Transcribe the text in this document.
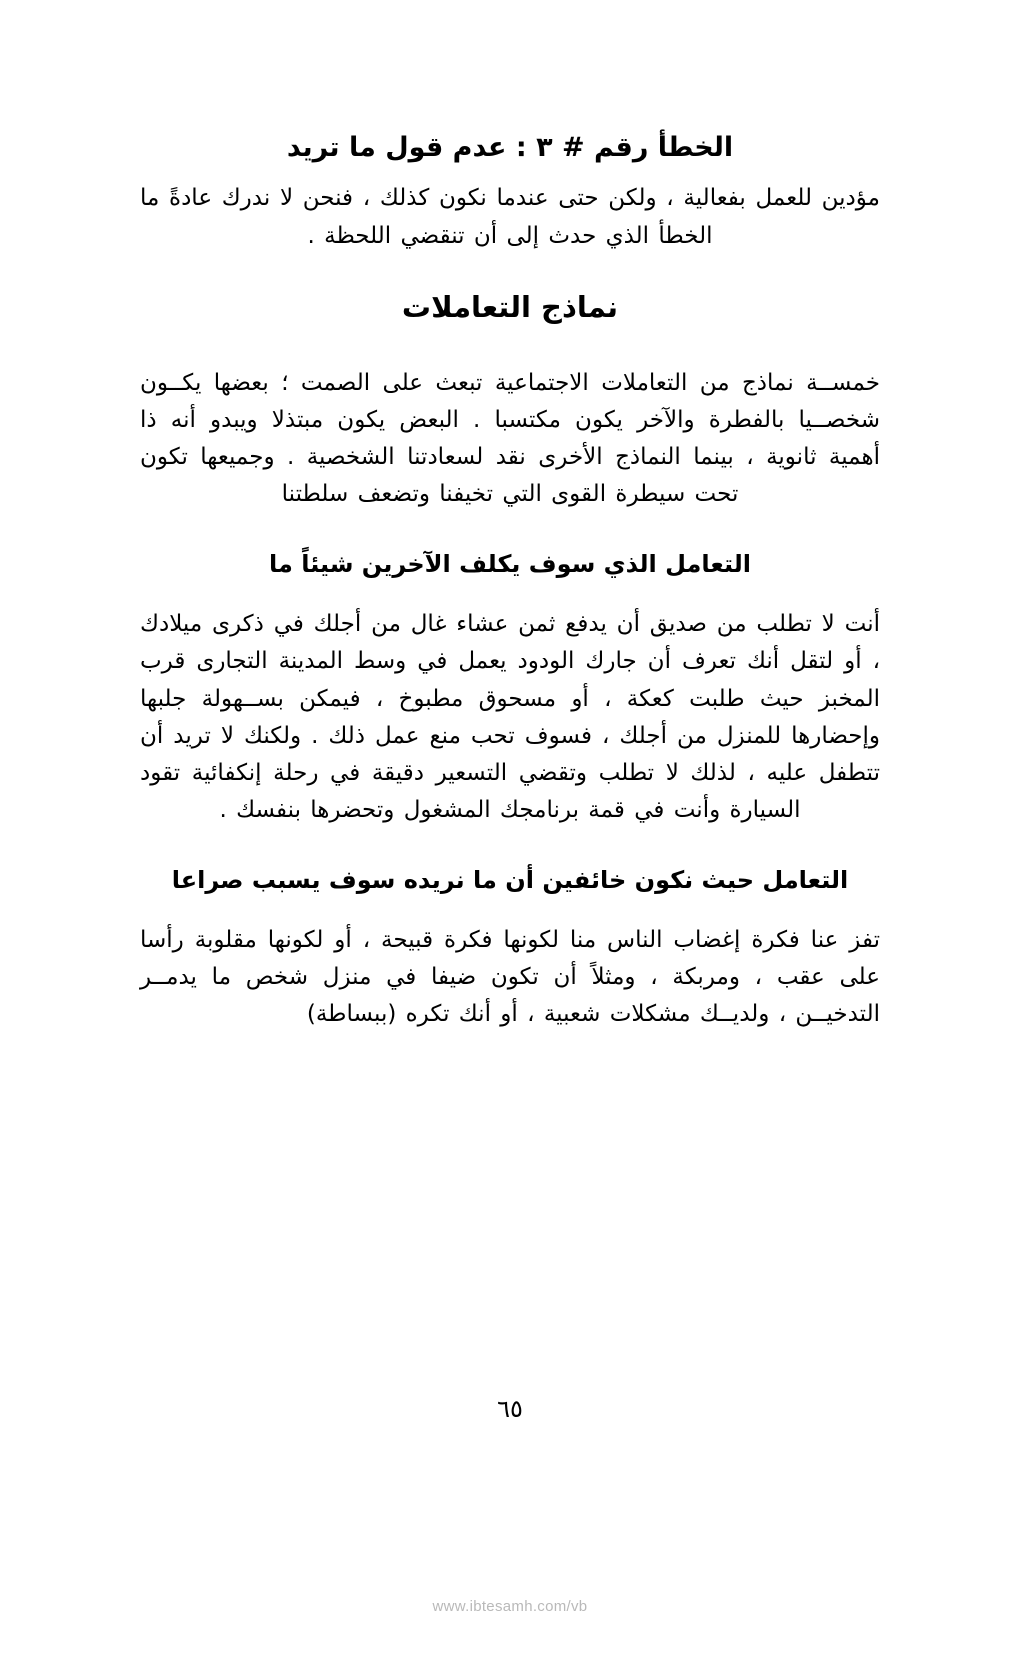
الخطأ رقم # ٣ : عدم قول ما تريد

مؤدين للعمل بفعالية ، ولكن حتى عندما نكون كذلك ، فنحن لا ندرك عادةً ما الخطأ الذي حدث إلى أن تنقضي اللحظة .

نماذج التعاملات

خمســة نماذج من التعاملات الاجتماعية تبعث على الصمت ؛ بعضها يكــون شخصــيا بالفطرة والآخر يكون مكتسبا . البعض يكون مبتذلا ويبدو أنه ذا أهمية ثانوية ، بينما النماذج الأخرى نقد لسعادتنا الشخصية . وجميعها تكون تحت سيطرة القوى التي تخيفنا وتضعف سلطتنا

التعامل الذي سوف يكلف الآخرين شيئاً ما

أنت لا تطلب من صديق أن يدفع ثمن عشاء غال من أجلك في ذكرى ميلادك ، أو لتقل أنك تعرف أن جارك الودود يعمل في وسط المدينة التجارى قرب المخبز حيث طلبت كعكة ، أو مسحوق مطبوخ ، فيمكن بســهولة جلبها وإحضارها للمنزل من أجلك ، فسوف تحب منع عمل ذلك . ولكنك لا تريد أن تتطفل عليه ، لذلك لا تطلب وتقضي التسعير دقيقة في رحلة إنكفائية تقود السيارة وأنت في قمة برنامجك المشغول وتحضرها بنفسك .

التعامل حيث نكون خائفين أن ما نريده سوف يسبب صراعا

تفز عنا فكرة إغضاب الناس منا لكونها فكرة قبيحة ، أو لكونها مقلوبة رأسا على عقب ، ومربكة ، ومثلاً أن تكون ضيفا في منزل شخص ما يدمــر التدخيــن ، ولديــك مشكلات شعبية ، أو أنك تكره (ببساطة)

٦٥
www.ibtesamh.com/vb
